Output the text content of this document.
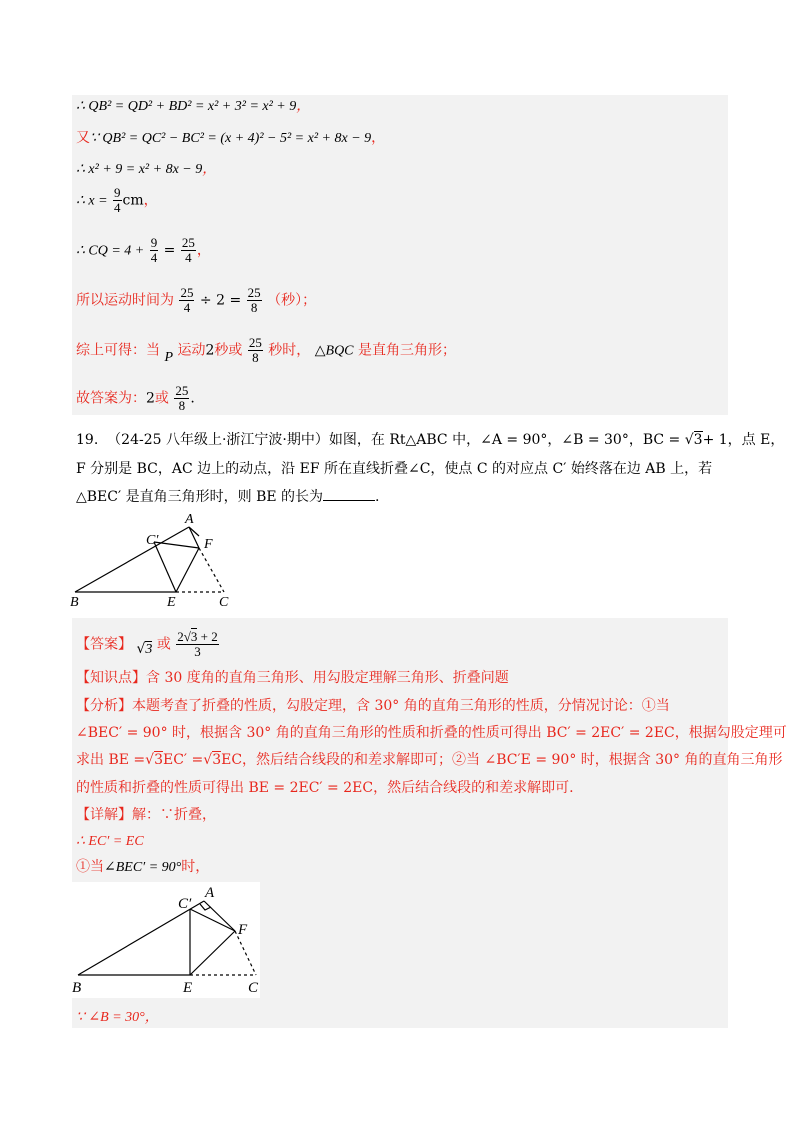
∴ QB² = QD² + BD² = x² + 3² = x² + 9，
又∵ QB² = QC² − BC² = (x + 4)² − 5² = x² + 8x − 9，
∴ x² + 9 = x² + 8x − 9，
∴ $x = \frac{9}{4}$ cm，
∴ CQ = $4 + \frac{9}{4} = \frac{25}{4}$ ，
所以运动时间为 $\frac{25}{4} \div 2 = \frac{25}{8}$ （秒）；
综上可得：当 P 运动2秒或 $\frac{25}{8}$ 秒时， △BQC 是直角三角形；
故答案为：2或 $\frac{25}{8}$ .
19. （24-25 八年级上·浙江宁波·期中）如图，在 Rt△ABC 中，∠A = 90°，∠B = 30°，BC = √3+ 1，点 E，
F 分别是 BC，AC 边上的动点，沿 EF 所在直线折叠∠C，使点 C 的对应点 C′ 始终落在边 AB 上，若
△BEC′ 是直角三角形时，则 BE 的长为	.
A
C′	F
B	E	C
【答案】 √3 或 $\frac{2√3 + 2}{3}$
【知识点】含 30 度角的直角三角形、用勾股定理解三角形、折叠问题
【分析】本题考查了折叠的性质，勾股定理，含 30° 角的直角三角形的性质，分情况讨论：①当
∠BEC′ = 90° 时，根据含 30° 角的直角三角形的性质和折叠的性质可得出 BC′ = 2EC′ = 2EC，根据勾股定理可
求出 BE =√3EC′ =√3EC，然后结合线段的和差求解即可；②当 ∠BC′E = 90° 时，根据含 30° 角的直角三角形
的性质和折叠的性质可得出 BE = 2EC′ = 2EC，然后结合线段的和差求解即可.
【详解】解：∵折叠，
∴ EC′ = EC
①当∠BEC′ = 90°时，
A
C′
F
B	E	C
∵ ∠B = 30°，
